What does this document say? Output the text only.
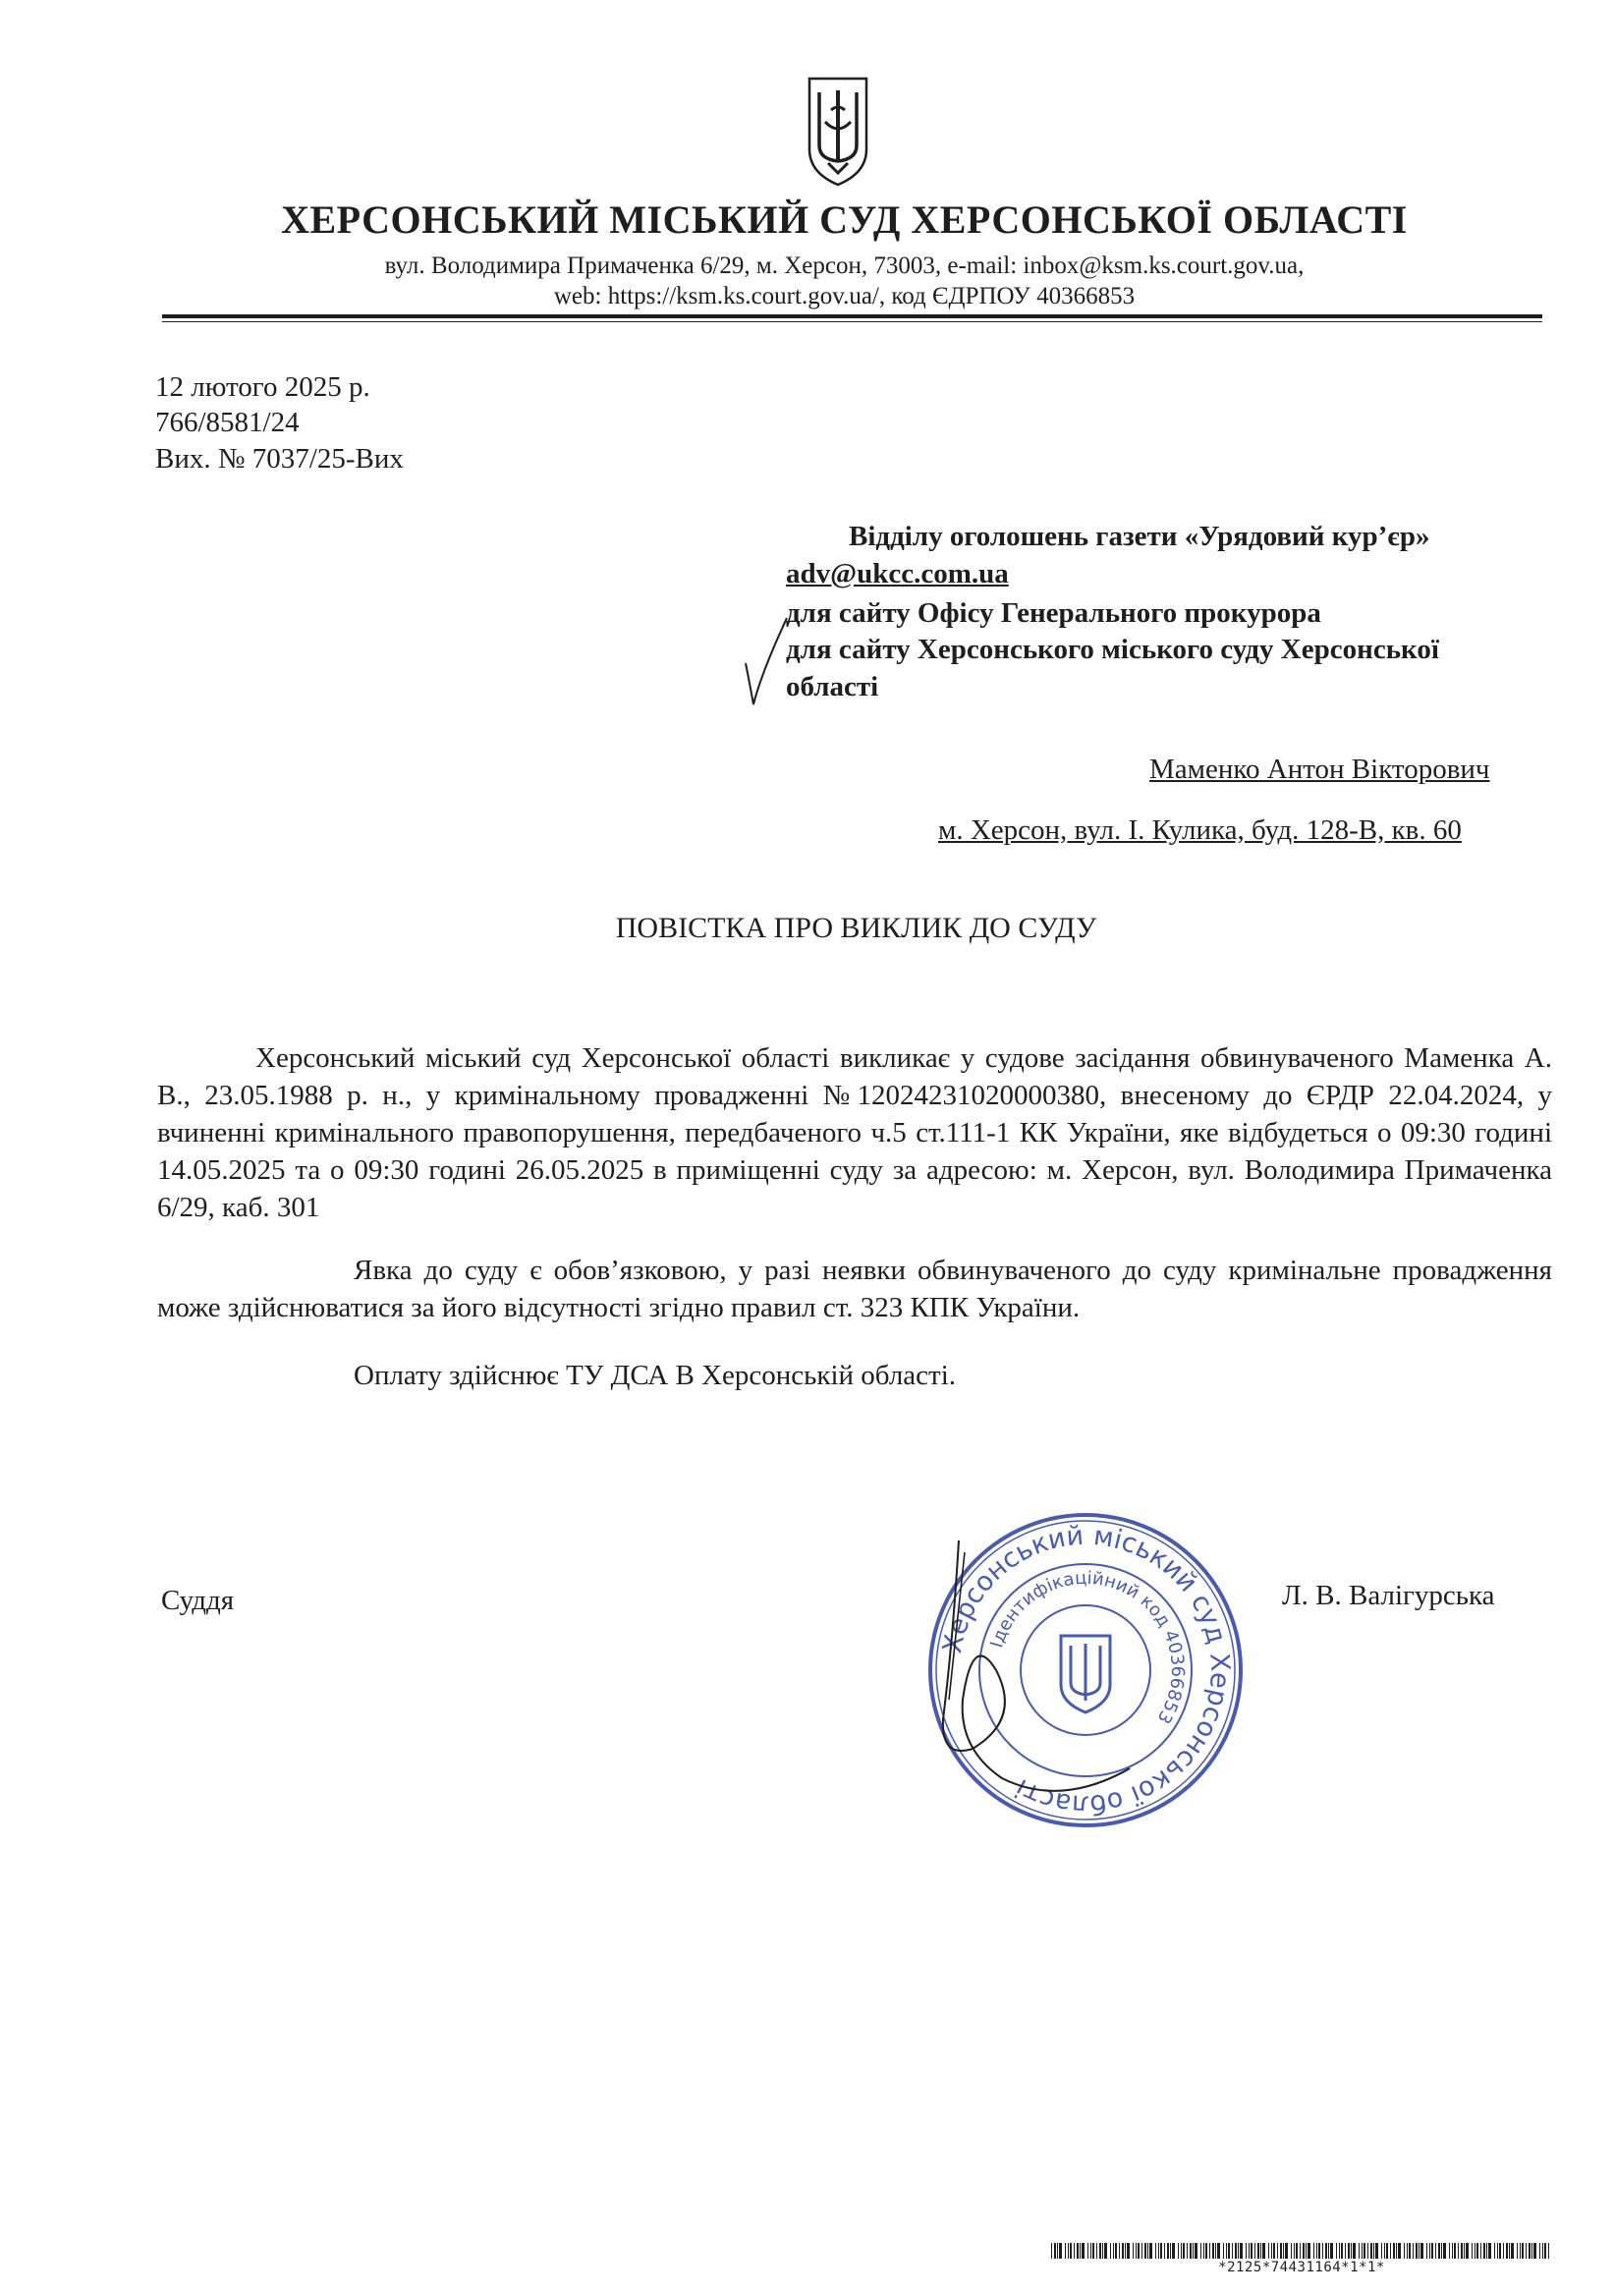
ХЕРСОНСЬКИЙ МІСЬКИЙ СУД ХЕРСОНСЬКОЇ ОБЛАСТІ
вул. Володимира Примаченка 6/29, м. Херсон, 73003, e-mail: inbox@ksm.ks.court.gov.ua,
web: https://ksm.ks.court.gov.ua/, код ЄДРПОУ 40366853
12 лютого 2025 р.
766/8581/24
Вих. № 7037/25-Вих
Відділу оголошень газети «Урядовий кур’єр»
adv@ukcc.com.ua
для сайту Офісу Генерального прокурора
для сайту Херсонського міського суду Херсонської
області
Маменко Антон Вікторович
м. Херсон, вул. І. Кулика, буд. 128-В, кв. 60
ПОВІСТКА ПРО ВИКЛИК ДО СУДУ
Херсонський міський суд Херсонської області викликає у судове засідання обвинуваченого Маменка А. В., 23.05.1988 р. н., у кримінальному провадженні №12024231020000380, внесеному до ЄРДР 22.04.2024, у вчиненні кримінального правопорушення, передбаченого ч.5 ст.111-1 КК України, яке відбудеться о 09:30 годині 14.05.2025 та о 09:30 годині 26.05.2025 в приміщенні суду за адресою: м. Херсон, вул. Володимира Примаченка 6/29, каб. 301
Явка до суду є обов’язковою, у разі неявки обвинуваченого до суду кримінальне провадження може здійснюватися за його відсутності згідно правил ст. 323 КПК України.
Оплату здійснює ТУ ДСА В Херсонській області.
Суддя	Л. В. Валігурська
Херсонський міський суд Херсонської області
Ідентифікаційний код 40366853
*2125*74431164*1*1*
